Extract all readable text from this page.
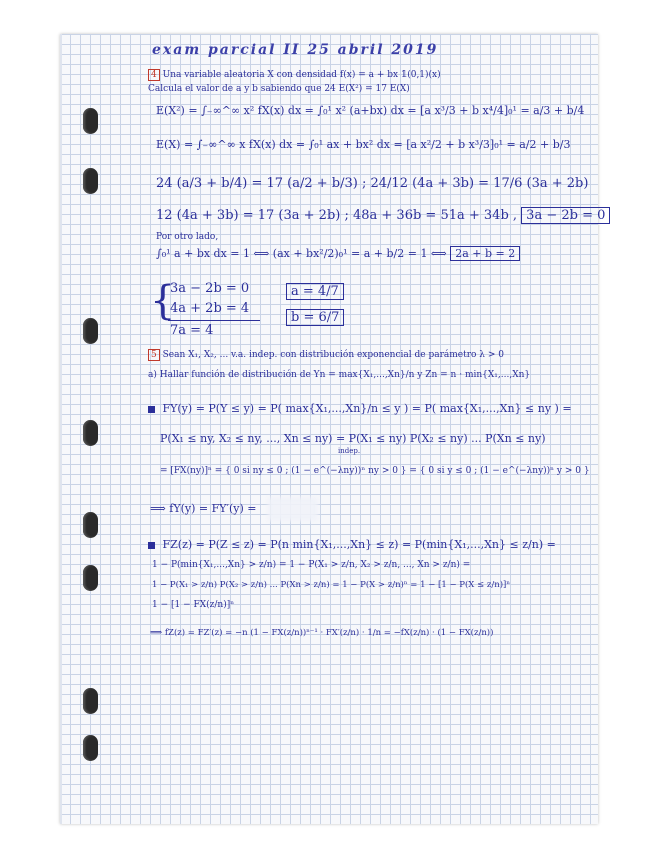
exam parcial II 25 abril 2019
4 Una variable aleatoria X con densidad f(x) = a + bx 𝟙(0,1)(x)
Calcula el valor de a y b sabiendo que 24 E(X²) = 17 E(X)
E(X²) = ∫₋∞^∞ x² fX(x) dx = ∫₀¹ x² (a+bx) dx = [a x³/3 + b x⁴/4]₀¹ = a/3 + b/4
E(X) = ∫₋∞^∞ x fX(x) dx = ∫₀¹ ax + bx² dx = [a x²/2 + b x³/3]₀¹ = a/2 + b/3
24 (a/3 + b/4) = 17 (a/2 + b/3) ; 24/12 (4a + 3b) = 17/6 (3a + 2b)
12 (4a + 3b) = 17 (3a + 2b) ; 48a + 36b = 51a + 34b , 3a − 2b = 0
Por otro lado,
∫₀¹ a + bx dx = 1 ⟺ (ax + bx²/2)₀¹ = a + b/2 = 1 ⟺ 2a + b = 2
{
3a − 2b = 0
4a + 2b = 4
7a = 4
a = 4/7
b = 6/7
5 Sean X₁, X₂, ... v.a. indep. con distribución exponencial de parámetro λ > 0
a) Hallar función de distribución de Yn = max{X₁,...,Xn}/n y Zn = n · min{X₁,...,Xn}
FY(y) = P(Y ≤ y) = P( max{X₁,...,Xn}/n ≤ y ) = P( max{X₁,...,Xn} ≤ ny ) =
P(X₁ ≤ ny, X₂ ≤ ny, ..., Xn ≤ ny) = P(X₁ ≤ ny) P(X₂ ≤ ny) ... P(Xn ≤ ny)
indep.
= [FX(ny)]ⁿ = { 0 si ny ≤ 0 ; (1 − e^(−λny))ⁿ ny > 0 } = { 0 si y ≤ 0 ; (1 − e^(−λny))ⁿ y > 0 }
⟹ fY(y) = FY′(y) =
FZ(z) = P(Z ≤ z) = P(n min{X₁,...,Xn} ≤ z) = P(min{X₁,...,Xn} ≤ z/n) =
1 − P(min{X₁,...,Xn} > z/n) = 1 − P(X₁ > z/n, X₂ > z/n, ..., Xn > z/n) =
1 − P(X₁ > z/n) P(X₂ > z/n) ... P(Xn > z/n) = 1 − P(X > z/n)ⁿ = 1 − [1 − P(X ≤ z/n)]ⁿ
1 − [1 − FX(z/n)]ⁿ
⟹ fZ(z) = FZ′(z) = −n (1 − FX(z/n))ⁿ⁻¹ · FX′(z/n) · 1/n = −fX(z/n) · (1 − FX(z/n))
